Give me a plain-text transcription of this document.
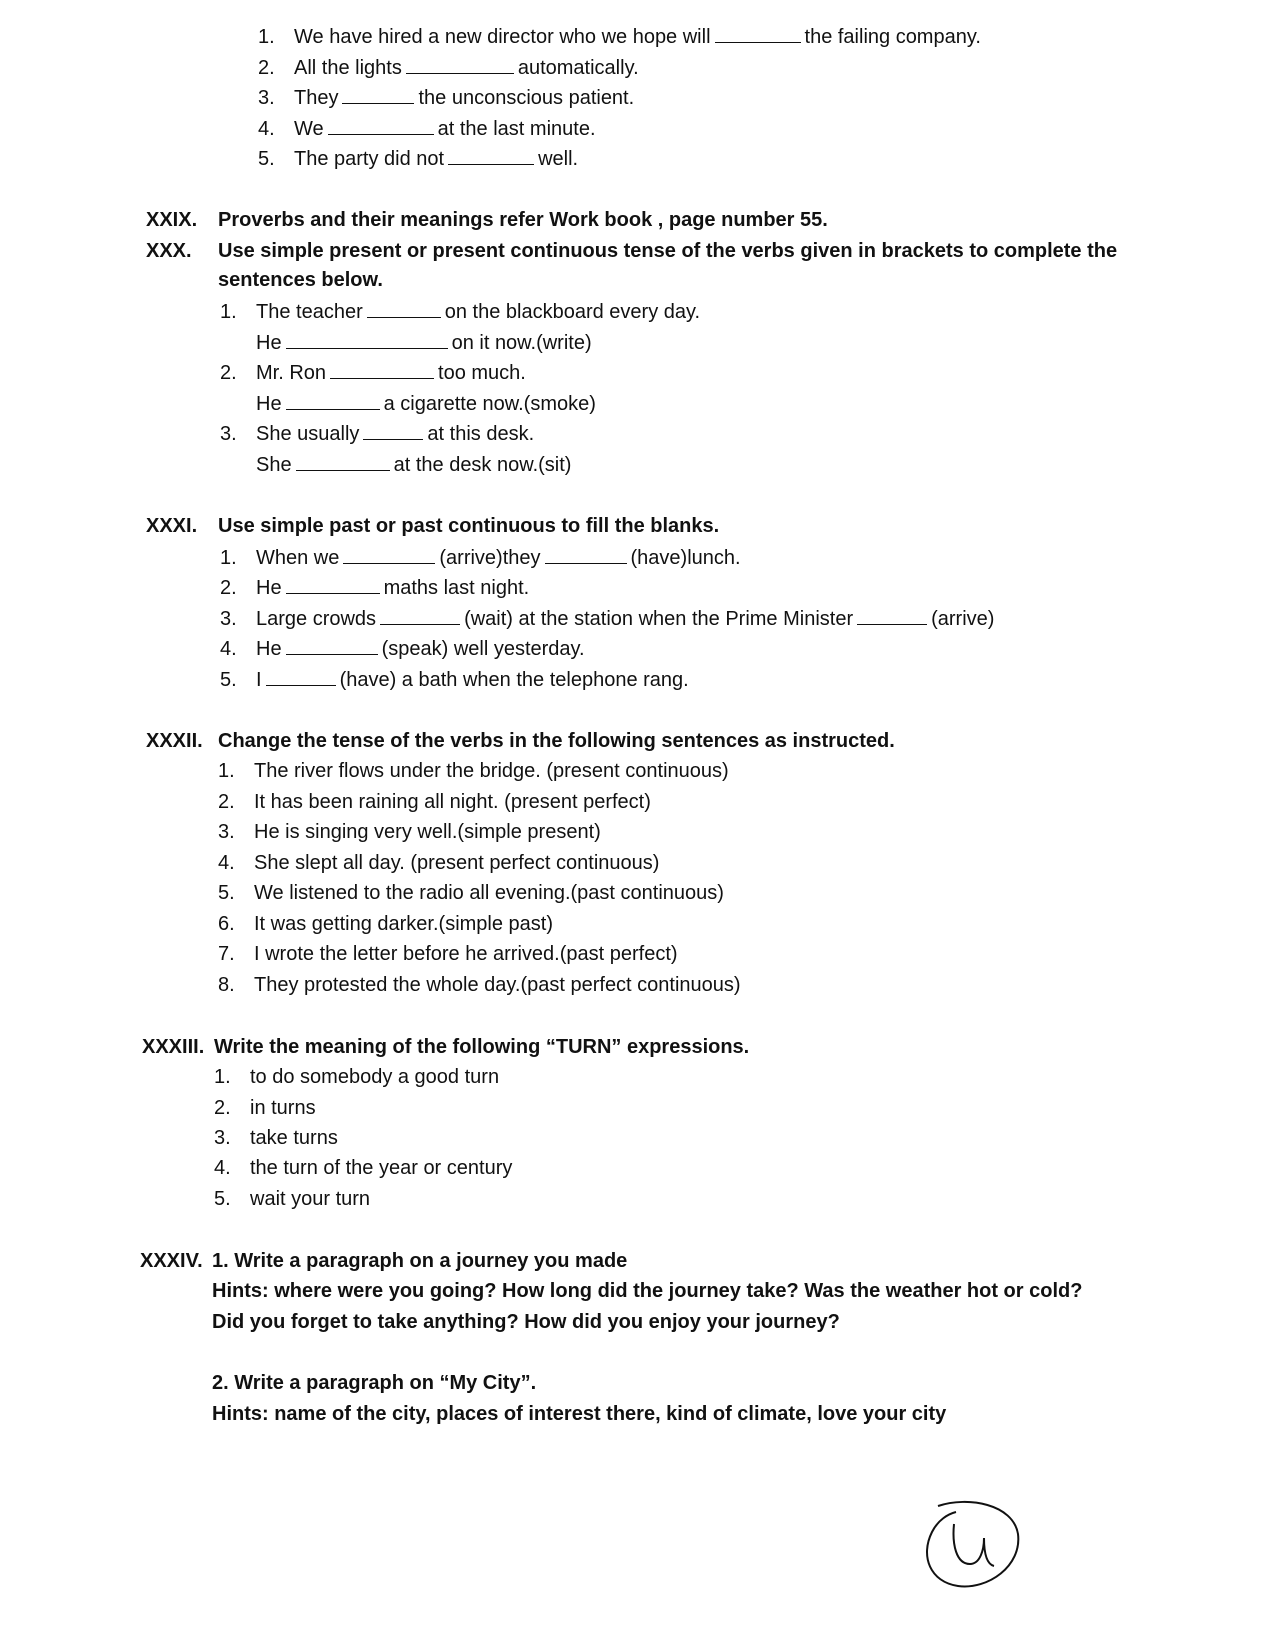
1. We have hired a new director who we hope will	the failing company.
2. All the lights	automatically.
3. They	the unconscious patient.
4. We	at the last minute.
5. The party did not	well.
XXIX. Proverbs and their meanings refer Work book , page number 55.
XXX. Use simple present or present continuous tense of the verbs given in brackets to complete the
sentences below.
1. The teacher	on the blackboard every day.
He	on it now.(write)
2. Mr. Ron	too much.
He	a cigarette now.(smoke)
3. She usually	at this desk.
She	at the desk now.(sit)
XXXI. Use simple past or past continuous to fill the blanks.
1. When we	(arrive)they	(have)lunch.
2. He	maths last night.
3. Large crowds	(wait) at the station when the Prime Minister	(arrive)
4. He	(speak) well yesterday.
5. I	(have) a bath when the telephone rang.
XXXII. Change the tense of the verbs in the following sentences as instructed.
1. The river flows under the bridge. (present continuous)
2. It has been raining all night. (present perfect)
3. He is singing very well.(simple present)
4. She slept all day. (present perfect continuous)
5. We listened to the radio all evening.(past continuous)
6. It was getting darker.(simple past)
7. I wrote the letter before he arrived.(past perfect)
8. They protested the whole day.(past perfect continuous)
XXXIII. Write the meaning of the following “TURN” expressions.
1. to do somebody a good turn
2. in turns
3. take turns
4. the turn of the year or century
5. wait your turn
XXXIV. 1. Write a paragraph on a journey you made
Hints: where were you going? How long did the journey take? Was the weather hot or cold?
Did you forget to take anything? How did you enjoy your journey?
2. Write a paragraph on “My City”.
Hints: name of the city, places of interest there, kind of climate, love your city
